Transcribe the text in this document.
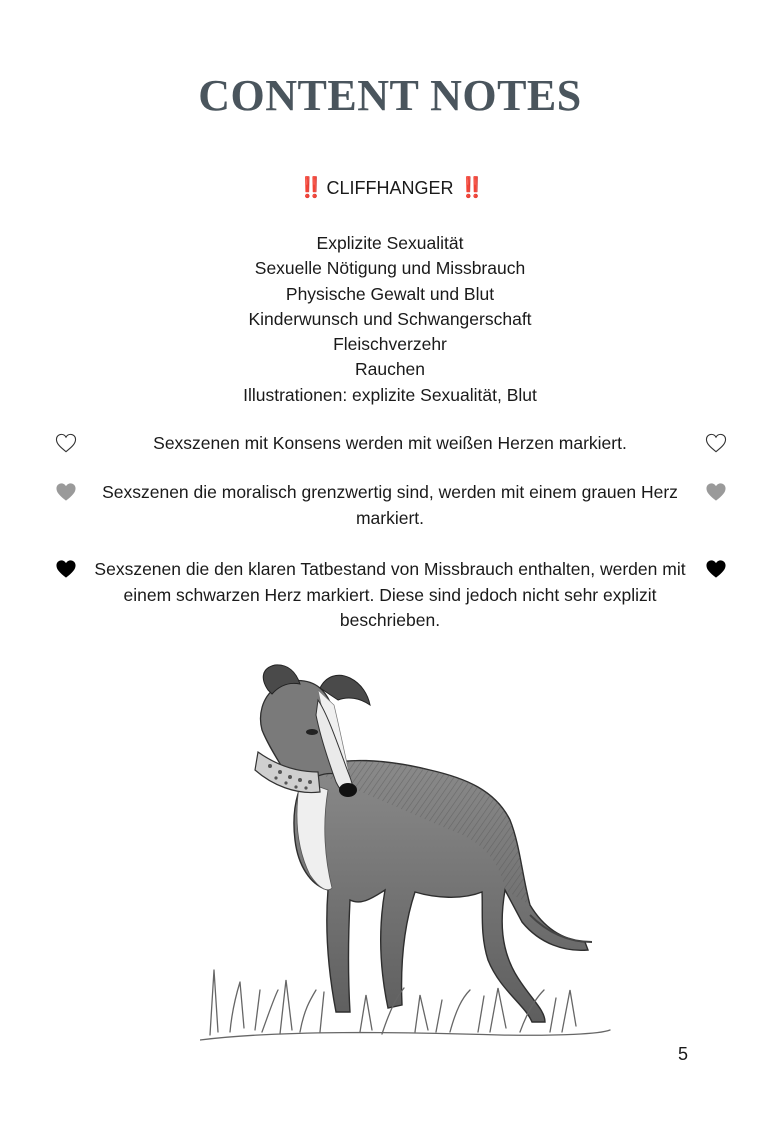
CONTENT NOTES
‼️ CLIFFHANGER ‼️
Explizite Sexualität
Sexuelle Nötigung und Missbrauch
Physische Gewalt und Blut
Kinderwunsch und Schwangerschaft
Fleischverzehr
Rauchen
Illustrationen: explizite Sexualität, Blut
Sexszenen mit Konsens werden mit weißen Herzen markiert.
Sexszenen die moralisch grenzwertig sind, werden mit einem grauen Herz markiert.
Sexszenen die den klaren Tatbestand von Missbrauch enthalten, werden mit einem schwarzen Herz markiert. Diese sind jedoch nicht sehr explizit beschrieben.
5
